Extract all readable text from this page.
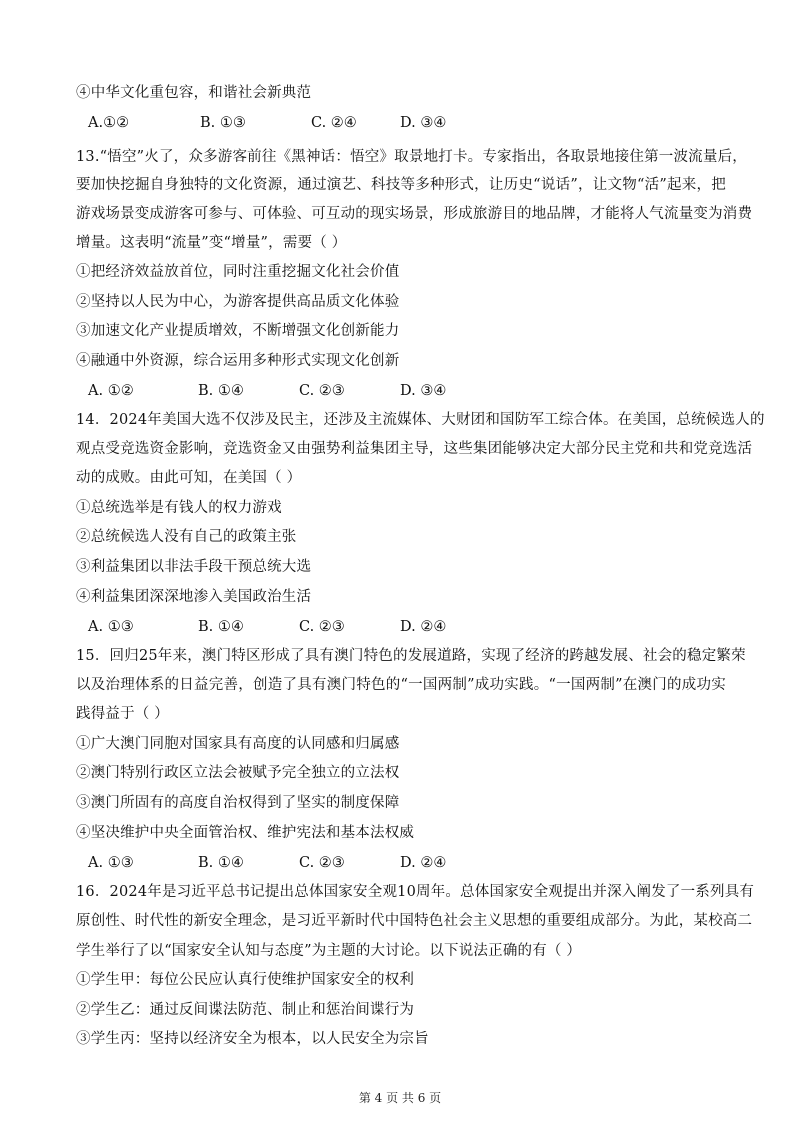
④中华文化重包容，和谐社会新典范
A.①②	B. ①③	C. ②④	D. ③④
13.“悟空”火了，众多游客前往《黑神话：悟空》取景地打卡。专家指出，各取景地接住第一波流量后，
要加快挖掘自身独特的文化资源，通过演艺、科技等多种形式，让历史“说话”，让文物“活”起来，把
游戏场景变成游客可参与、可体验、可互动的现实场景，形成旅游目的地品牌，才能将人气流量变为消费
增量。这表明“流量”变“增量”，需要（ ）
①把经济效益放首位，同时注重挖掘文化社会价值
②坚持以人民为中心，为游客提供高品质文化体验
③加速文化产业提质增效，不断增强文化创新能力
④融通中外资源，综合运用多种形式实现文化创新
A. ①②	B. ①④	C. ②③	D. ③④
14．2024年美国大选不仅涉及民主，还涉及主流媒体、大财团和国防军工综合体。在美国，总统候选人的
观点受竞选资金影响，竞选资金又由强势利益集团主导，这些集团能够决定大部分民主党和共和党竞选活
动的成败。由此可知，在美国（ ）
①总统选举是有钱人的权力游戏
②总统候选人没有自己的政策主张
③利益集团以非法手段干预总统大选
④利益集团深深地渗入美国政治生活
A. ①③	B. ①④	C. ②③	D. ②④
15．回归25年来，澳门特区形成了具有澳门特色的发展道路，实现了经济的跨越发展、社会的稳定繁荣
以及治理体系的日益完善，创造了具有澳门特色的“一国两制”成功实践。“一国两制”在澳门的成功实
践得益于（ ）
①广大澳门同胞对国家具有高度的认同感和归属感
②澳门特别行政区立法会被赋予完全独立的立法权
③澳门所固有的高度自治权得到了坚实的制度保障
④坚决维护中央全面管治权、维护宪法和基本法权威
A. ①③	B. ①④	C. ②③	D. ②④
16．2024年是习近平总书记提出总体国家安全观10周年。总体国家安全观提出并深入阐发了一系列具有
原创性、时代性的新安全理念，是习近平新时代中国特色社会主义思想的重要组成部分。为此，某校高二
学生举行了以“国家安全认知与态度”为主题的大讨论。以下说法正确的有（ ）
①学生甲：每位公民应认真行使维护国家安全的权利
②学生乙：通过反间谍法防范、制止和惩治间谍行为
③学生丙：坚持以经济安全为根本，以人民安全为宗旨
第 4 页 共 6 页
